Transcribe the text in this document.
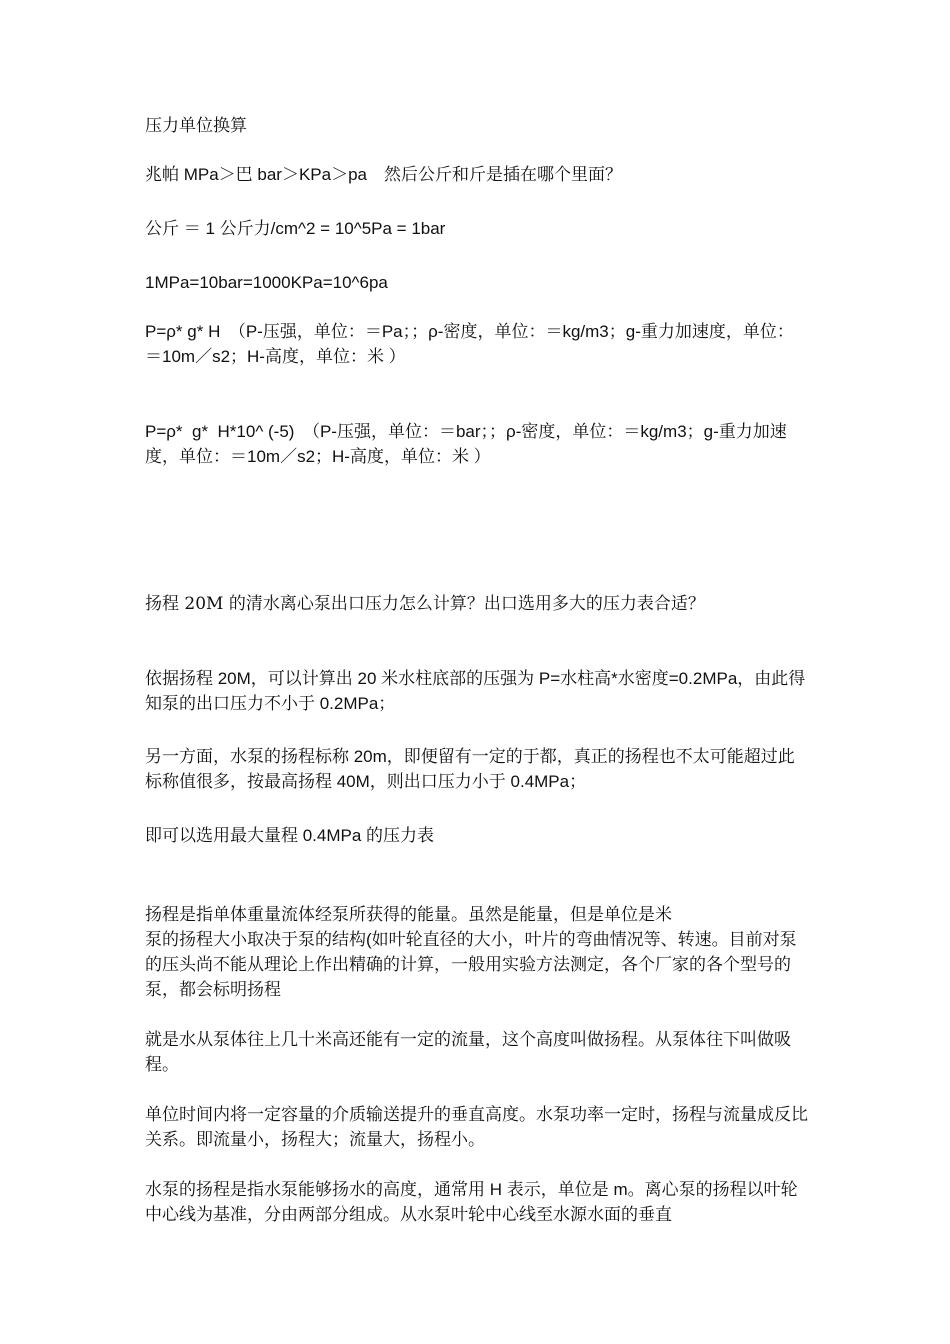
压力单位换算

兆帕 MPa＞巴 bar＞KPa＞pa　然后公斤和斤是插在哪个里面？

公斤 ＝ 1 公斤力/cm^2 = 10^5Pa = 1bar

1MPa=10bar=1000KPa=10^6pa

P=ρ* g* H　（P-压强，单位：＝Pa；；ρ-密度，单位：＝kg/m3；g-重力加速度，单位：＝10m／s2；H-高度，单位：米 ）

P=ρ*  g*  H*10^ (-5)　（P-压强，单位：＝bar；；ρ-密度，单位：＝kg/m3；g-重力加速度，单位：＝10m／s2；H-高度，单位：米 ）

扬程 20M 的清水离心泵出口压力怎么计算？出口选用多大的压力表合适？

依据扬程 20M，可以计算出 20 米水柱底部的压强为 P=水柱高*水密度=0.2MPa，由此得知泵的出口压力不小于 0.2MPa；

另一方面，水泵的扬程标称 20m，即便留有一定的于都，真正的扬程也不太可能超过此标称值很多，按最高扬程 40M，则出口压力小于 0.4MPa；

即可以选用最大量程 0.4MPa 的压力表

扬程是指单体重量流体经泵所获得的能量。虽然是能量，但是单位是米

泵的扬程大小取决于泵的结构(如叶轮直径的大小，叶片的弯曲情况等、转速。目前对泵的压头尚不能从理论上作出精确的计算，一般用实验方法测定，各个厂家的各个型号的泵，都会标明扬程

就是水从泵体往上几十米高还能有一定的流量，这个高度叫做扬程。从泵体往下叫做吸程。

单位时间内将一定容量的介质输送提升的垂直高度。水泵功率一定时，扬程与流量成反比关系。即流量小，扬程大；流量大，扬程小。

水泵的扬程是指水泵能够扬水的高度，通常用 H 表示，单位是 m。离心泵的扬程以叶轮中心线为基准，分由两部分组成。从水泵叶轮中心线至水源水面的垂直
